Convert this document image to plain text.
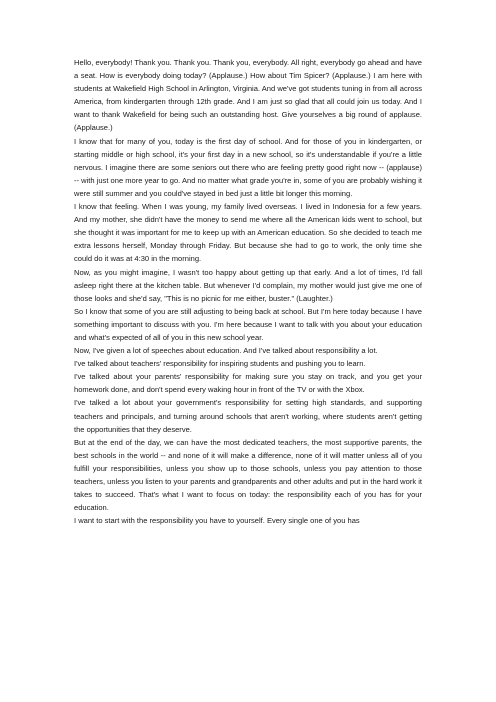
Hello, everybody! Thank you. Thank you. Thank you, everybody. All right, everybody go ahead and have a seat. How is everybody doing today? (Applause.) How about Tim Spicer? (Applause.) I am here with students at Wakefield High School in Arlington, Virginia. And we've got students tuning in from all across America, from kindergarten through 12th grade. And I am just so glad that all could join us today. And I want to thank Wakefield for being such an outstanding host. Give yourselves a big round of applause. (Applause.)

I know that for many of you, today is the first day of school. And for those of you in kindergarten, or starting middle or high school, it's your first day in a new school, so it's understandable if you're a little nervous. I imagine there are some seniors out there who are feeling pretty good right now -- (applause) -- with just one more year to go. And no matter what grade you're in, some of you are probably wishing it were still summer and you could've stayed in bed just a little bit longer this morning.

I know that feeling. When I was young, my family lived overseas. I lived in Indonesia for a few years. And my mother, she didn't have the money to send me where all the American kids went to school, but she thought it was important for me to keep up with an American education. So she decided to teach me extra lessons herself, Monday through Friday. But because she had to go to work, the only time she could do it was at 4:30 in the morning.

Now, as you might imagine, I wasn't too happy about getting up that early. And a lot of times, I'd fall asleep right there at the kitchen table. But whenever I'd complain, my mother would just give me one of those looks and she'd say, "This is no picnic for me either, buster." (Laughter.)

So I know that some of you are still adjusting to being back at school. But I'm here today because I have something important to discuss with you. I'm here because I want to talk with you about your education and what's expected of all of you in this new school year.

Now, I've given a lot of speeches about education. And I've talked about responsibility a lot.

I've talked about teachers' responsibility for inspiring students and pushing you to learn.

I've talked about your parents' responsibility for making sure you stay on track, and you get your homework done, and don't spend every waking hour in front of the TV or with the Xbox.

I've talked a lot about your government's responsibility for setting high standards, and supporting teachers and principals, and turning around schools that aren't working, where students aren't getting the opportunities that they deserve.

But at the end of the day, we can have the most dedicated teachers, the most supportive parents, the best schools in the world -- and none of it will make a difference, none of it will matter unless all of you fulfill your responsibilities, unless you show up to those schools, unless you pay attention to those teachers, unless you listen to your parents and grandparents and other adults and put in the hard work it takes to succeed. That's what I want to focus on today: the responsibility each of you has for your education.

I want to start with the responsibility you have to yourself. Every single one of you has
